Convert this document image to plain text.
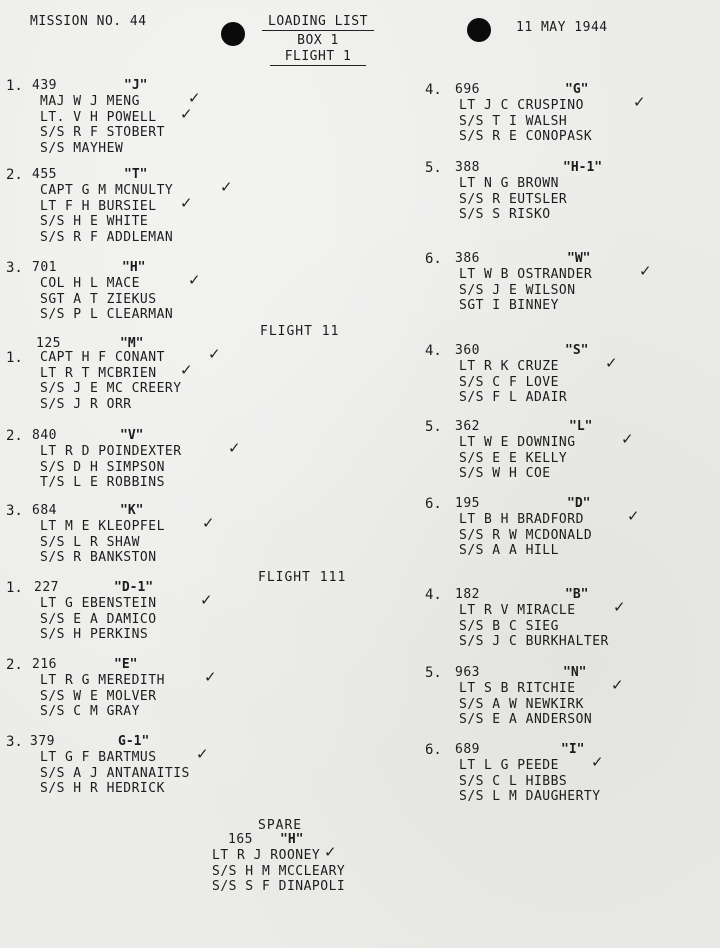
MISSION NO. 44	LOADING LIST
BOX 1
FLIGHT 1
11 MAY 1944
FLIGHT 11
FLIGHT 111
SPARE
1. 439	"J"
MAJ W J MENG
LT. V H POWELL
S/S R F STOBERT
S/S MAYHEW
✓
✓
2. 455	"T"
CAPT G M MCNULTY
LT F H BURSIEL
S/S H E WHITE
S/S R F ADDLEMAN
✓
✓
3. 701	"H"
COL H L MACE
SGT A T ZIEKUS
S/S P L CLEARMAN
✓
4. 696	"G"
LT J C CRUSPINO
S/S T I WALSH
S/S R E CONOPASK
✓
5. 388	"H-1"
LT N G BROWN
S/S R EUTSLER
S/S S RISKO
6. 386	"W"
LT W B OSTRANDER
S/S J E WILSON
SGT I BINNEY
✓
1.
125	"M"
CAPT H F CONANT
LT R T MCBRIEN
S/S J E MC CREERY
S/S J R ORR
✓
✓
2. 840	"V"
LT R D POINDEXTER
S/S D H SIMPSON
T/S L E ROBBINS
✓
3. 684	"K"
LT M E KLEOPFEL
S/S L R SHAW
S/S R BANKSTON
✓
4. 360	"S"
LT R K CRUZE
S/S C F LOVE
S/S F L ADAIR
✓
5. 362	"L"
LT W E DOWNING
S/S E E KELLY
S/S W H COE
✓
6. 195	"D"
LT B H BRADFORD
S/S R W MCDONALD
S/S A A HILL
✓
1. 227	"D-1"
LT G EBENSTEIN
S/S E A DAMICO
S/S H PERKINS
✓
2. 216	"E"
LT R G MEREDITH
S/S W E MOLVER
S/S C M GRAY
✓
3. 379	G-1"
LT G F BARTMUS
S/S A J ANTANAITIS
S/S H R HEDRICK
✓
4. 182	"B"
LT R V MIRACLE
S/S B C SIEG
S/S J C BURKHALTER
✓
5. 963	"N"
LT S B RITCHIE
S/S A W NEWKIRK
S/S E A ANDERSON
✓
6. 689	"I"
LT L G PEEDE
S/S C L HIBBS
S/S L M DAUGHERTY
✓
165 "H"
LT R J ROONEY
S/S H M MCCLEARY
S/S S F DINAPOLI
✓
